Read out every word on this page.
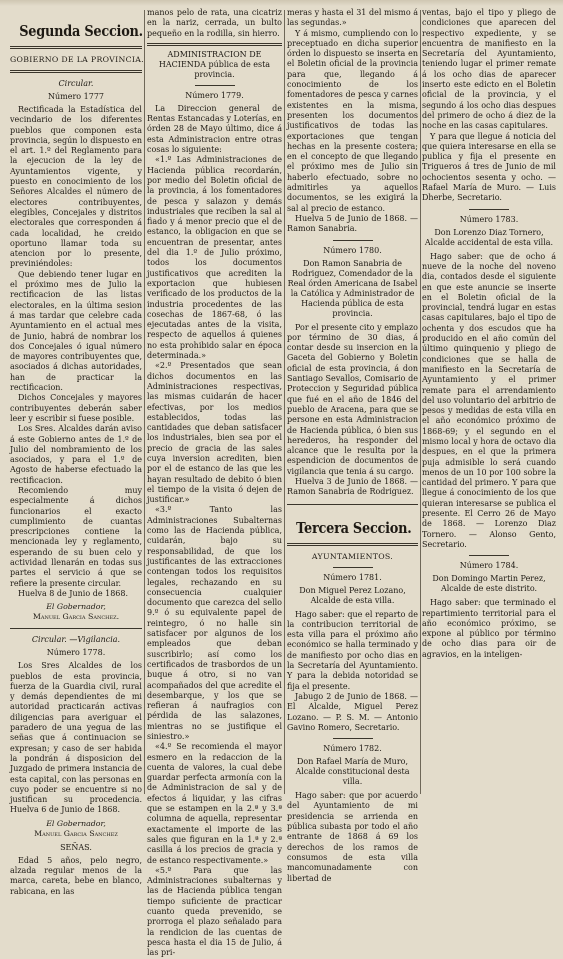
Segunda Seccion.
GOBIERNO DE LA PROVINCIA.
Circular.
Número 1777

Rectificada la Estadística del vecindario de los diferentes pueblos que componen esta provincia, según lo dispuesto en el art. 1.º del Reglamento para la ejecucion de la ley de Ayuntamientos vigente, y puesto en conocimiento de los Señores Alcaldes el número de electores contribuyentes, elegibles, Concejales y distritos electorales que corresponden á cada localidad, he creido oportuno llamar toda su atencion por lo presente, previniéndoles:

Que debiendo tener lugar en el próximo mes de Julio la rectificacion de las listas electorales, en la última sesion á mas tardar que celebre cada Ayuntamiento en el actual mes de Junio, habrá de nombrar los dos Concejales ó igual número de mayores contribuyentes que, asociados á dichas autoridades, han de practicar la rectificacion.

Dichos Concejales y mayores contribuyentes deberán saber leer y escribir si fuese posible.

Los Sres. Alcaldes darán aviso á este Gobierno antes de 1.º de Julio del nombramiento de los asociados, y para el 1.º de Agosto de haberse efectuado la rectificacion.

Recomiendo muy especialmente á dichos funcionarios el exacto cumplimiento de cuantas prescripciones contiene la mencionada ley y reglamento, esperando de su buen celo y actividad llenarán en todas sus partes el servicio á que se refiere la presente circular.

Huelva 8 de Junio de 1868.

El Gobernador,
Manuel Garcia Sanchez.
Circular. —Vigilancia.
Número 1778.

Los Sres Alcaldes de los pueblos de esta provincia, fuerza de la Guardia civil, rural y demás dependientes de mi autoridad practicarán activas diligencias para averiguar el paradero de una yegua de las señas que á continuacion se expresan; y caso de ser habida la pondrán á disposicion del Juzgado de primera instancia de esta capital, con las personas en cuyo poder se encuentre si no justifican su procedencia. Huelva 6 de Junio de 1868.

El Gobernador,
Manuel Garcia Sanchez
SEÑAS.

Edad 5 años, pelo negro, alzada regular menos de la marca, careta, bebe en blanco, rabicana, en las

manos pelo de rata, una cicatriz en la nariz, cerrada, un bulto pequeño en la rodilla, sin hierro.

ADMINISTRACION DE HACIENDA pública de esta provincia.
Número 1779.

La Direccion general de Rentas Estancadas y Loterías, en órden 28 de Mayo último, dice á esta Administracion entre otras cosas lo siguiente:

«1.º Las Administraciones de Hacienda pública recordarán, por medio del Boletin oficial de la provincia, á los fomentadores de pesca y salazon y demás industriales que reciben la sal al fiado y á menor precio que el de estanco, la obligacion en que se encuentran de presentar, antes del dia 1.º de Julio próximo, todos los documentos justificativos que acrediten la exportacion que hubiesen verificado de los productos de la industria procedentes de las cosechas de 1867-68, ó las ejecutadas antes de la visita, respecto de aquellos á quienes no esta prohibido salar en época determinada.»

«2.º Presentados que sean dichos documentos en las Administraciones respectivas, las mismas cuidarán de hacer efectivas, por los medios establecidos, todas las cantidades que deban satisfacer los industriales, bien sea por el precio de gracia de las sales cuya inversion acrediten, bien por el de estanco de las que les hayan resultado de debito ó bien el tiempo de la visita ó dejen de justificar.»

«3.º Tanto las Administraciones Subalternas como las de Hacienda pública, cuidarán, bajo su responsabilidad, de que los justificantes de las extracciones contengan todos los requisitos legales, rechazando en su consecuencia cualquier documento que carezca del sello 9.º ó su equivalente papel de reintegro, ó no halle sin satisfacer por algunos de los empleados que deban suscribirlo; así como los certificados de trasbordos de un buque á otro, si no van acompañados del que acredite el desembarque, y los que se refieran á naufragios con pérdida de las salazones, mientras no se justifique el siniestro.»

«4.º Se recomienda el mayor esmero en la redaccion de la cuenta de valores, la cual debe guardar perfecta armonía con la de Administracion de sal y de efectos á liquidar, y las cifras que se estampen en la 2.ª y 3.ª columna de aquella, representar exactamente el importe de las sales que figuran en la 1.ª y 2.ª casilla á los precios de gracia y de estanco respectivamente.»

«5.º Para que las Administraciones subalternas y las de Hacienda pública tengan tiempo suficiente de practicar cuanto queda prevenido, se prorroga el plazo señalado para la rendicion de las cuentas de pesca hasta el dia 15 de Julio, á las pri-

meras y hasta el 31 del mismo á las segundas.»

Y á mismo, cumpliendo con lo preceptuado en dicha superior órden lo dispuesto se inserta en el Boletin oficial de la provincia para que, llegando á conocimiento de los fomentadores de pesca y carnes existentes en la misma, presenten los documentos justificativos de todas las exportaciones que tengan hechas en la presente costera; en el concepto de que llegando el próximo mes de Julio sin haberlo efectuado, sobre no admitirles ya aquellos documentos, se les exigirá la sal al precio de estanco.

Huelva 5 de Junio de 1868. — Ramon Sanabria.

Número 1780.
Don Ramon Sanabria de Rodriguez, Comendador de la Real órden Americana de Isabel la Católica y Administrador de Hacienda pública de esta provincia.

Por el presente cito y emplazo por término de 30 dias, á contar desde su insercion en la Gaceta del Gobierno y Boletin oficial de esta provincia, á don Santiago Sevallos, Comisario de Proteccion y Seguridad pública que fué en el año de 1846 del pueblo de Aracena, para que se persone en esta Administracion de Hacienda pública, ó bien sus herederos, ha responder del alcance que le resulta por la espendicion de documentos de vigilancia que tenia á su cargo.

Huelva 3 de Junio de 1868. — Ramon Sanabria de Rodriguez.

Tercera Seccion.
AYUNTAMIENTOS.
Número 1781.
Don Miguel Perez Lozano, Alcalde de esta villa.

Hago saber: que el reparto de la contribucion territorial de esta villa para el próximo año económico se halla terminado y de manifiesto por ocho dias en la Secretaría del Ayuntamiento. Y para la debida notoridad se fija el presente.

Jabugo 2 de Junio de 1868. — El Alcalde, Miguel Perez Lozano. — P. S. M. — Antonio Gavino Romero, Secretario.

Número 1782.
Don Rafael María de Muro, Alcalde constitucional desta villa.

Hago saber: que por acuerdo del Ayuntamiento de mi presidencia se arrienda en pública subasta por todo el año entrante de 1868 á 69 los derechos de los ramos de consumos de esta villa mancomunadamente con libertad de

ventas, bajo el tipo y pliego de condiciones que aparecen del respectivo expediente, y se encuentra de manifiesto en la Secretaría del Ayuntamiento, teniendo lugar el primer remate á los ocho dias de aparecer inserto este edicto en el Boletin oficial de la provincia, y el segundo á los ocho dias despues del primero de ocho á diez de la noche en las casas capitulares.

Y para que llegue á noticia del que quiera interesarse en ella se publica y fija el presente en Trigueros á tres de Junio de mil ochocientos sesenta y ocho. — Rafael María de Muro. — Luis Dherbe, Secretario.

Número 1783.
Don Lorenzo Diaz Tornero, Alcalde accidental de esta villa.

Hago saber: que de ocho á nueve de la noche del noveno dia, contados desde el siguiente en que este anuncie se inserte en el Boletin oficial de la provincial, tendrá lugar en estas casas capitulares, bajo el tipo de ochenta y dos escudos que ha producido en el año común del último quinquenio y pliego de condiciones que se halla de manifiesto en la Secretaría de Ayuntamiento y el primer remate para el arrendamiento del uso voluntario del arbitrio de pesos y medidas de esta villa en el año económico próximo de 1868-69; y el segundo en el mismo local y hora de octavo dia despues, en el que la primera puja admisible lo será cuando menos de un 10 por 100 sobre la cantidad del primero. Y para que llegue á conocimiento de los que quieran interesarse se publica el presente. El Cerro 26 de Mayo de 1868. — Lorenzo Diaz Tornero. — Alonso Gento, Secretario.

Número 1784.
Don Domingo Martin Perez, Alcalde de este distrito.

Hago saber: que terminado el repartimiento territorial para el año económico próximo, se expone al público por término de ocho dias para oir de agravios, en la inteligen-
